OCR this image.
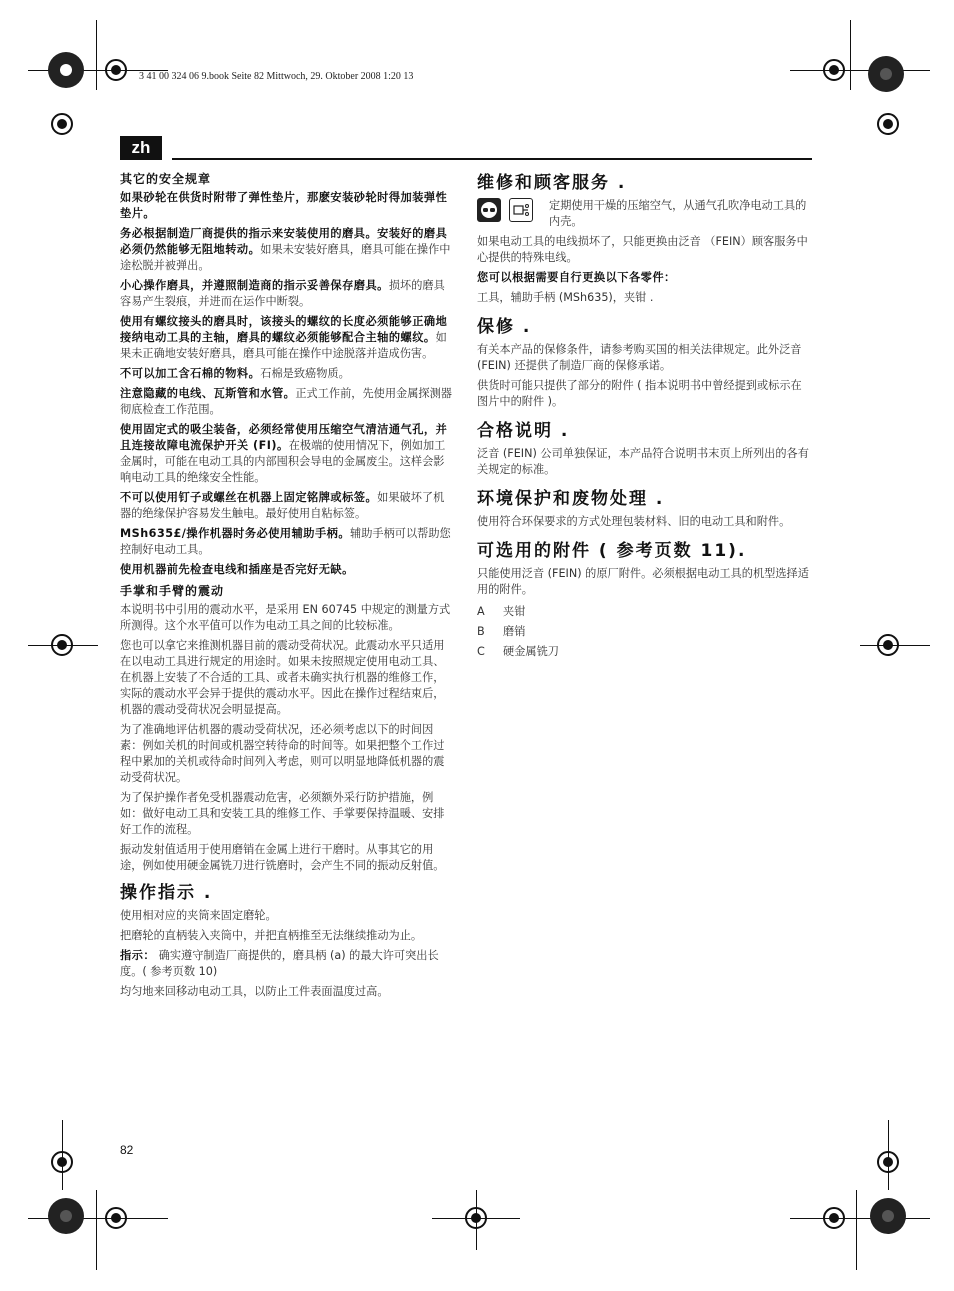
3 41 00 324 06 9.book Seite 82 Mittwoch, 29. Oktober 2008 1:20 13
zh
其它的安全规章

如果砂轮在供货时附带了弹性垫片，那麽安装砂轮时得加装弹性垫片。

务必根据制造厂商提供的指示来安装使用的磨具。安装好的磨具必须仍然能够无阻地转动。如果未安装好磨具，磨具可能在操作中途松脱并被弹出。

小心操作磨具，并遵照制造商的指示妥善保存磨具。损坏的磨具容易产生裂痕，并进而在运作中断裂。

使用有螺纹接头的磨具时，该接头的螺纹的长度必须能够正确地接纳电动工具的主轴，磨具的螺纹必须能够配合主轴的螺纹。如果未正确地安装好磨具，磨具可能在操作中途脱落并造成伤害。

不可以加工含石棉的物料。石棉是致癌物质。

注意隐藏的电线、瓦斯管和水管。正式工作前，先使用金属探测器彻底检查工作范围。

使用固定式的吸尘装备，必须经常使用压缩空气清洁通气孔，并且连接故障电流保护开关 (FI)。在极端的使用情况下，例如加工金属时，可能在电动工具的内部囤积会导电的金属废尘。这样会影响电动工具的绝缘安全性能。

不可以使用钉子或螺丝在机器上固定铭牌或标签。如果破坏了机器的绝缘保护容易发生触电。最好使用自粘标签。

MSh635£/操作机器时务必使用辅助手柄。辅助手柄可以帮助您控制好电动工具。

使用机器前先检查电线和插座是否完好无缺。

手掌和手臂的震动

本说明书中引用的震动水平，是采用 EN 60745 中规定的测量方式所测得。这个水平值可以作为电动工具之间的比较标准。

您也可以拿它来推测机器目前的震动受荷状况。此震动水平只适用在以电动工具进行规定的用途时。如果未按照规定使用电动工具、在机器上安装了不合适的工具、或者未确实执行机器的维修工作，实际的震动水平会异于提供的震动水平。因此在操作过程结束后，机器的震动受荷状况会明显提高。

为了准确地评估机器的震动受荷状况，还必须考虑以下的时间因素：例如关机的时间或机器空转待命的时间等。如果把整个工作过程中累加的关机或待命时间列入考虑，则可以明显地降低机器的震动受荷状况。

为了保护操作者免受机器震动危害，必须额外采行防护措施，例如：做好电动工具和安装工具的维修工作、手掌要保持温暖、安排好工作的流程。

振动发射值适用于使用磨销在金属上进行干磨时。从事其它的用途，例如使用硬金属铣刀进行铣磨时，会产生不同的振动反射值。

操作指示 .

使用相对应的夹筒来固定磨轮。

把磨轮的直柄装入夹筒中，并把直柄推至无法继续推动为止。

指示： 确实遵守制造厂商提供的，磨具柄 (a) 的最大许可突出长度。( 参考页数 10)

均匀地来回移动电动工具，以防止工件表面温度过高。

维修和顾客服务 .

定期使用干燥的压缩空气，从通气孔吹净电动工具的内壳。

如果电动工具的电线损坏了，只能更换由泛音 （FEIN）顾客服务中心提供的特殊电线。

您可以根据需要自行更换以下各零件：

工具，辅助手柄 (MSh635)，夹钳 .

保修 .

有关本产品的保修条件，请参考购买国的相关法律规定。此外泛音 (FEIN) 还提供了制造厂商的保修承诺。

供货时可能只提供了部分的附件 ( 指本说明书中曾经提到或标示在图片中的附件 )。

合格说明 .

泛音 (FEIN) 公司单独保证，本产品符合说明书末页上所列出的各有关规定的标准。

环境保护和废物处理 .

使用符合环保要求的方式处理包装材料、旧的电动工具和附件。

可选用的附件 ( 参考页数 11).

只能使用泛音 (FEIN) 的原厂附件。必须根据电动工具的机型选择适用的附件。

A	夹钳
B	磨销
C	硬金属铣刀
82
